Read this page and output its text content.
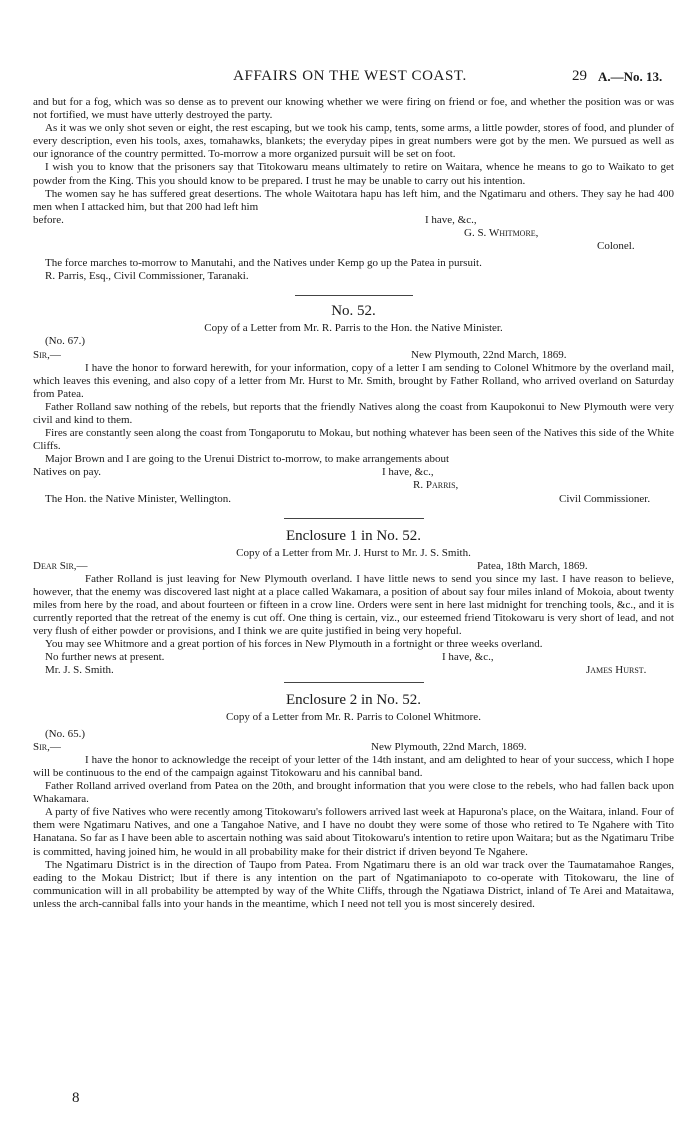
AFFAIRS ON THE WEST COAST.	29 A.—No. 13.

and but for a fog, which was so dense as to prevent our knowing whether we were firing on friend or foe, and whether the position was or was not fortified, we must have utterly destroyed the party.

As it was we only shot seven or eight, the rest escaping, but we took his camp, tents, some arms, a little powder, stores of food, and plunder of every description, even his tools, axes, tomahawks, blankets; the everyday pipes in great numbers were got by the men. We pursued as well as our ignorance of the country permitted. To-morrow a more organized pursuit will be set on foot.

I wish you to know that the prisoners say that Titokowaru means ultimately to retire on Waitara, whence he means to go to Waikato to get powder from the King. This you should know to be prepared. I trust he may be unable to carry out his intention.

The women say he has suffered great desertions. The whole Waitotara hapu has left him, and the Ngatimaru and others. They say he had 400 men when I attacked him, but that 200 had left him

before.	I have, &c.,
G. S. Whitmore,
Colonel.

The force marches to-morrow to Manutahi, and the Natives under Kemp go up the Patea in pursuit.

R. Parris, Esq., Civil Commissioner, Taranaki.

No. 52.
Copy of a Letter from Mr. R. Parris to the Hon. the Native Minister.

(No. 67.)

Sir,—	New Plymouth, 22nd March, 1869.

I have the honor to forward herewith, for your information, copy of a letter I am sending to Colonel Whitmore by the overland mail, which leaves this evening, and also copy of a letter from Mr. Hurst to Mr. Smith, brought by Father Rolland, who arrived overland on Saturday from Patea.

Father Rolland saw nothing of the rebels, but reports that the friendly Natives along the coast from Kaupokonui to New Plymouth were very civil and kind to them.

Fires are constantly seen along the coast from Tongaporutu to Mokau, but nothing whatever has been seen of the Natives this side of the White Cliffs.

Major Brown and I are going to the Urenui District to-morrow, to make arrangements about

Natives on pay.	I have, &c.,
R. Parris,
The Hon. the Native Minister, Wellington.	Civil Commissioner.
Enclosure 1 in No. 52.
Copy of a Letter from Mr. J. Hurst to Mr. J. S. Smith.
Dear Sir,—	Patea, 18th March, 1869.

Father Rolland is just leaving for New Plymouth overland. I have little news to send you since my last. I have reason to believe, however, that the enemy was discovered last night at a place called Wakamara, a position of about say four miles inland of Mokoia, about twenty miles from here by the road, and about fourteen or fifteen in a crow line. Orders were sent in here last midnight for trenching tools, &c., and it is currently reported that the retreat of the enemy is cut off. One thing is certain, viz., our esteemed friend Titokowaru is very short of lead, and not very flush of either powder or provisions, and I think we are quite justified in being very hopeful.

You may see Whitmore and a great portion of his forces in New Plymouth in a fortnight or three weeks overland.

No further news at present.	I have, &c.,
Mr. J. S. Smith.	James Hurst.
Enclosure 2 in No. 52.
Copy of a Letter from Mr. R. Parris to Colonel Whitmore.

(No. 65.)

Sir,—	New Plymouth, 22nd March, 1869.

I have the honor to acknowledge the receipt of your letter of the 14th instant, and am delighted to hear of your success, which I hope will be continuous to the end of the campaign against Titokowaru and his cannibal band.

Father Rolland arrived overland from Patea on the 20th, and brought information that you were close to the rebels, who had fallen back upon Whakamara.

A party of five Natives who were recently among Titokowaru's followers arrived last week at Hapurona's place, on the Waitara, inland. Four of them were Ngatimaru Natives, and one a Tangahoe Native, and I have no doubt they were some of those who retired to Te Ngahere with Tito Hanatana. So far as I have been able to ascertain nothing was said about Titokowaru's intention to retire upon Waitara; but as the Ngatimaru Tribe is committed, having joined him, he would in all probability make for their district if driven beyond Te Ngahere.

The Ngatimaru District is in the direction of Taupo from Patea. From Ngatimaru there is an old war track over the Taumatamahoe Ranges, eading to the Mokau District; lbut if there is any intention on the part of Ngatimaniapoto to co-operate with Titokowaru, the line of communication will in all probability be attempted by way of the White Cliffs, through the Ngatiawa District, inland of Te Arei and Mataitawa, unless the arch-cannibal falls into your hands in the meantime, which I need not tell you is most sincerely desired.

8
